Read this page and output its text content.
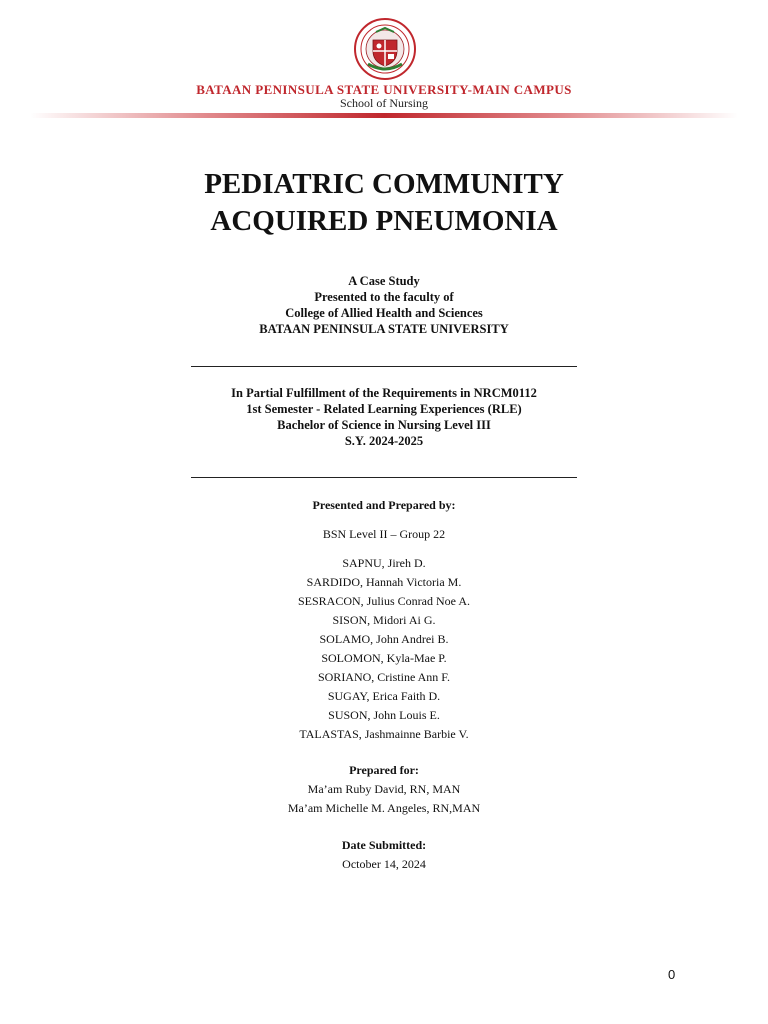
BATAAN PENINSULA STATE UNIVERSITY-MAIN CAMPUS
School of Nursing
PEDIATRIC COMMUNITY
ACQUIRED PNEUMONIA
A Case Study
Presented to the faculty of
College of Allied Health and Sciences
BATAAN PENINSULA STATE UNIVERSITY
In Partial Fulfillment of the Requirements in NRCM0112
1st Semester - Related Learning Experiences (RLE)
Bachelor of Science in Nursing Level III
S.Y. 2024-2025
Presented and Prepared by:
BSN Level II – Group 22
SAPNU, Jireh D.
SARDIDO, Hannah Victoria M.
SESRACON, Julius Conrad Noe A.
SISON, Midori Ai G.
SOLAMO, John Andrei B.
SOLOMON, Kyla-Mae P.
SORIANO, Cristine Ann F.
SUGAY, Erica Faith D.
SUSON, John Louis E.
TALASTAS, Jashmainne Barbie V.
Prepared for:
Ma’am Ruby David, RN, MAN
Ma’am Michelle M. Angeles, RN,MAN
Date Submitted:
October 14, 2024
0
